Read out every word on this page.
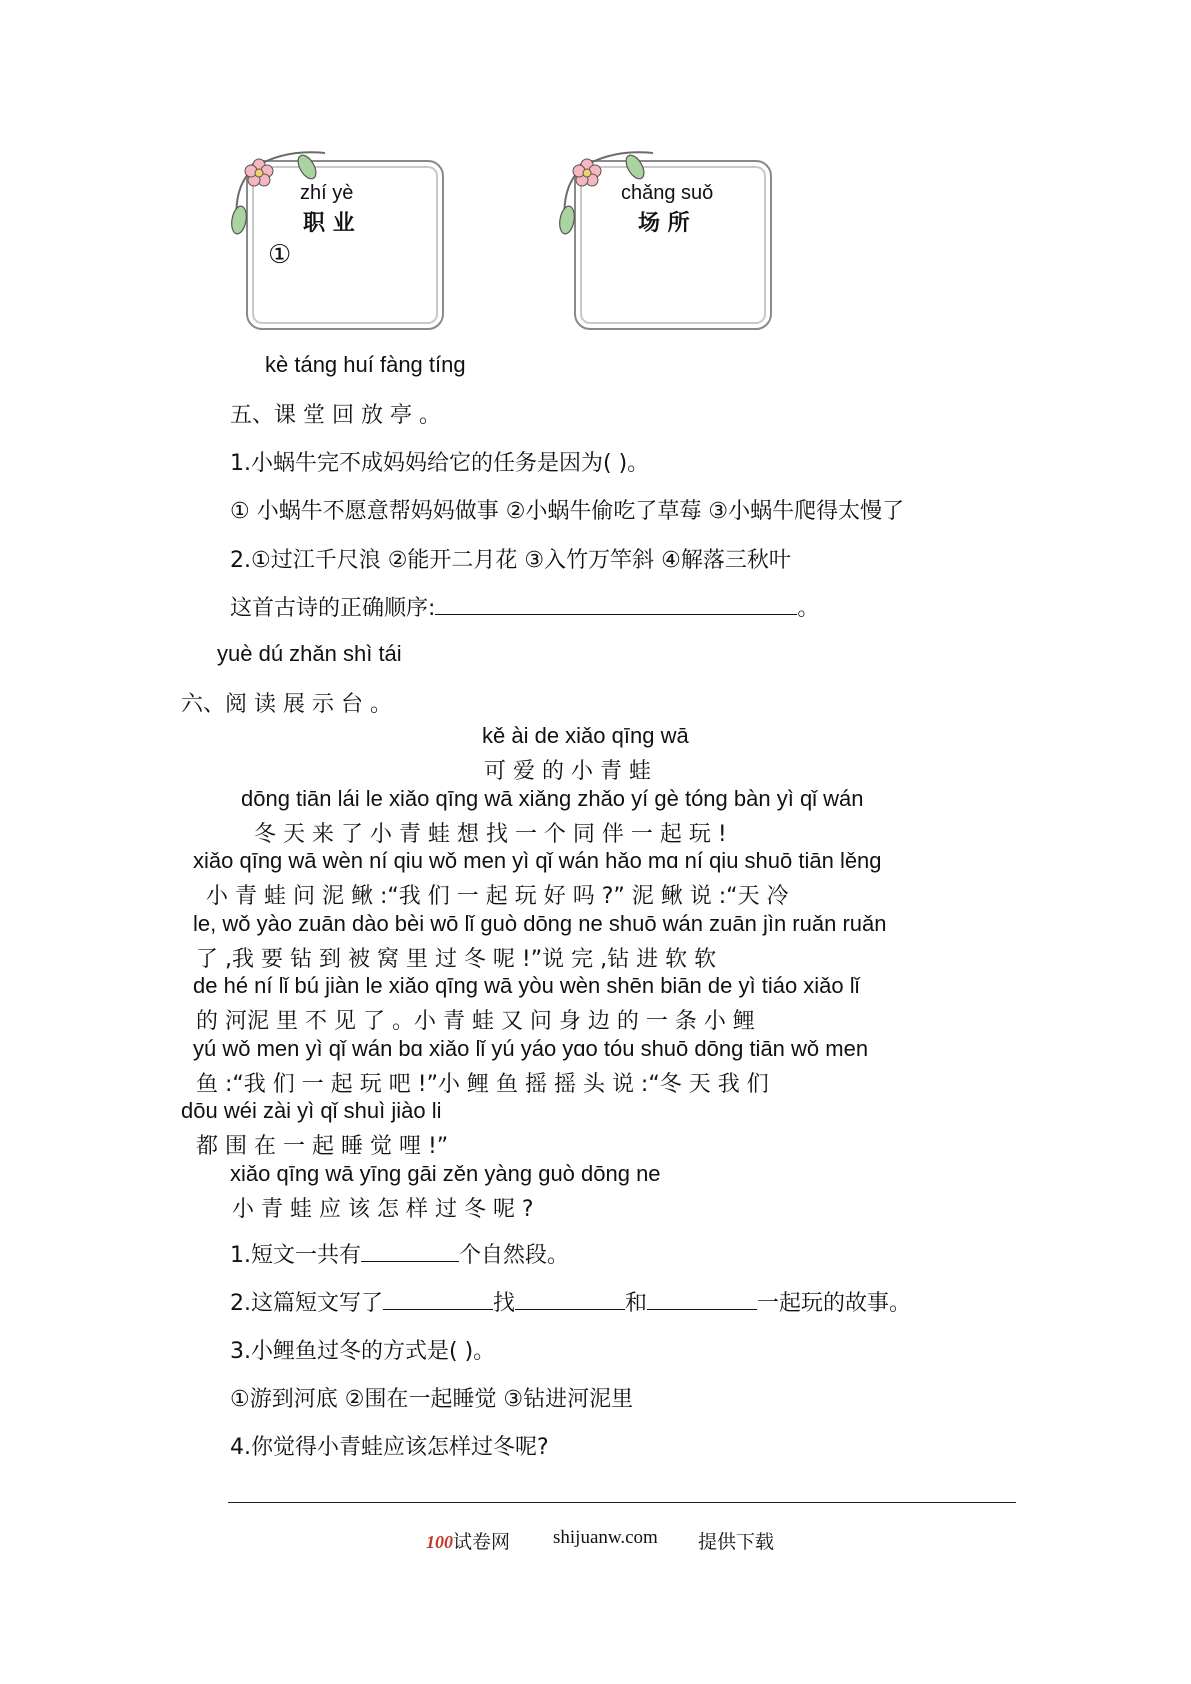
zhí yè
职 业
①
chǎng suǒ
场 所
kè táng huí fàng tíng
五、课 堂 回 放 亭 。
1.小蜗牛完不成妈妈给它的任务是因为( )。
① 小蜗牛不愿意帮妈妈做事 ②小蜗牛偷吃了草莓 ③小蜗牛爬得太慢了
2.①过江千尺浪 ②能开二月花 ③入竹万竿斜 ④解落三秋叶
这首古诗的正确顺序:	。
yuè dú zhǎn shì tái
六、阅 读 展 示 台 。
kě ài de xiǎo qīng wā
可 爱 的 小 青 蛙
dōng tiān lái le xiǎo qīng wā xiǎng zhǎo yí gè tóng bàn yì qǐ wán
冬 天 来 了 小 青 蛙 想 找 一 个 同 伴 一 起 玩 !
xiǎo qīng wā wèn ní qiu wǒ men yì qǐ wán hǎo mɑ ní qiu shuō tiān lěng
小 青 蛙 问 泥 鳅 :“我 们 一 起 玩 好 吗 ?” 泥 鳅 说 :“天 冷
le, wǒ yào zuān dào bèi wō lǐ guò dōng ne shuō wán zuān jìn ruǎn ruǎn
了 ,我 要 钻 到 被 窝 里 过 冬 呢 !”说 完 ,钻 进 软 软
de hé ní lǐ bú jiàn le xiǎo qīng wā yòu wèn shēn biān de yì tiáo xiǎo lǐ
的 河泥 里 不 见 了 。小 青 蛙 又 问 身 边 的 一 条 小 鲤
yú wǒ men yì qǐ wán bɑ xiǎo lǐ yú yáo yɑo tóu shuō dōng tiān wǒ men
鱼 :“我 们 一 起 玩 吧 !”小 鲤 鱼 摇 摇 头 说 :“冬 天 我 们
dōu wéi zài yì qǐ shuì jiào li
都 围 在 一 起 睡 觉 哩 !”
xiǎo qīng wā yīng gāi zěn yàng guò dōng ne
小 青 蛙 应 该 怎 样 过 冬 呢 ?
1.短文一共有	个自然段。
2.这篇短文写了	找	和	一起玩的故事。
3.小鲤鱼过冬的方式是( )。
①游到河底 ②围在一起睡觉 ③钻进河泥里
4.你觉得小青蛙应该怎样过冬呢?
100试卷网 shijuanw.com 提供下载
